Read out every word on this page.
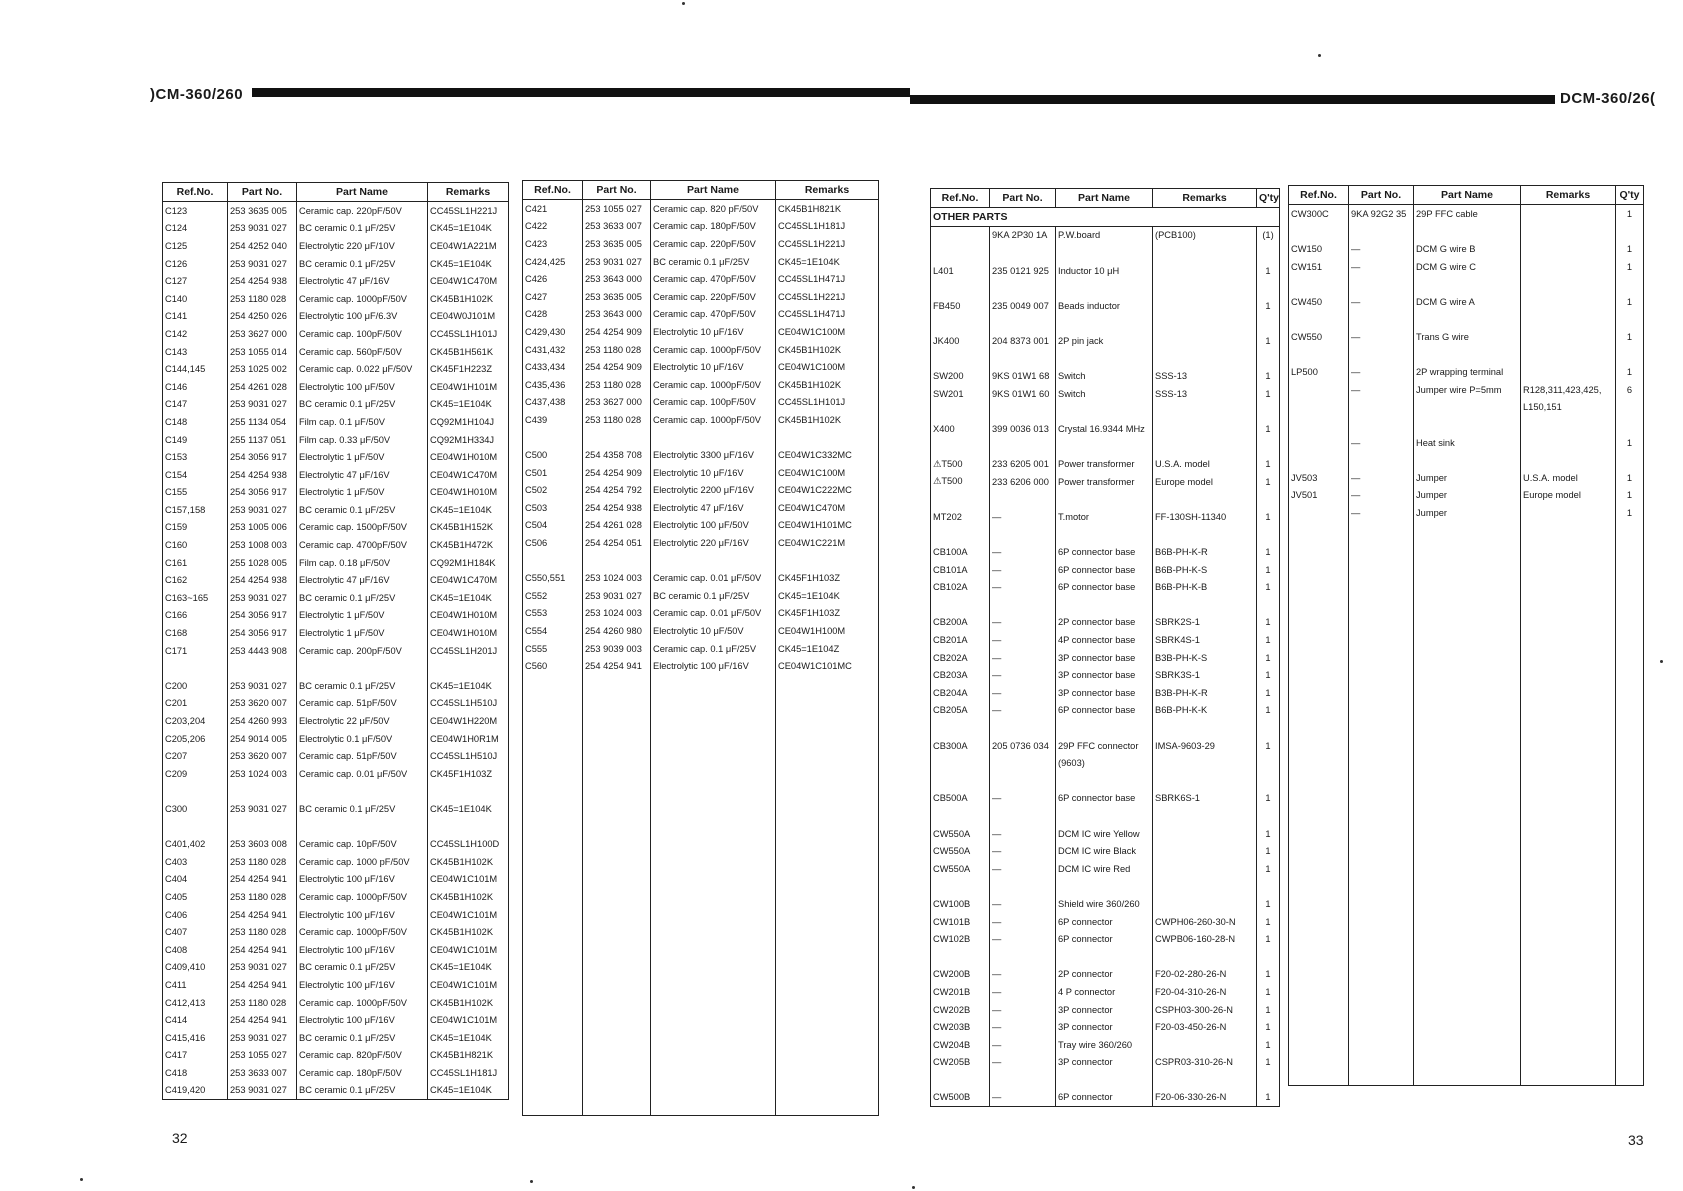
)CM-360/260	DCM-360/26(
Ref.No.	Part No.	Part Name	Remarks
C123	253 3635 005	Ceramic cap. 220pF/50V	CC45SL1H221J
C124	253 9031 027	BC ceramic 0.1 μF/25V	CK45=1E104K
C125	254 4252 040	Electrolytic 220 μF/10V	CE04W1A221M
C126	253 9031 027	BC ceramic 0.1 μF/25V	CK45=1E104K
C127	254 4254 938	Electrolytic 47 μF/16V	CE04W1C470M
C140	253 1180 028	Ceramic cap. 1000pF/50V	CK45B1H102K
C141	254 4250 026	Electrolytic 100 μF/6.3V	CE04W0J101M
C142	253 3627 000	Ceramic cap. 100pF/50V	CC45SL1H101J
C143	253 1055 014	Ceramic cap. 560pF/50V	CK45B1H561K
C144,145	253 1025 002	Ceramic cap. 0.022 μF/50V	CK45F1H223Z
C146	254 4261 028	Electrolytic 100 μF/50V	CE04W1H101M
C147	253 9031 027	BC ceramic 0.1 μF/25V	CK45=1E104K
C148	255 1134 054	Film cap. 0.1 μF/50V	CQ92M1H104J
C149	255 1137 051	Film cap. 0.33 μF/50V	CQ92M1H334J
C153	254 3056 917	Electrolytic 1 μF/50V	CE04W1H010M
C154	254 4254 938	Electrolytic 47 μF/16V	CE04W1C470M
C155	254 3056 917	Electrolytic 1 μF/50V	CE04W1H010M
C157,158	253 9031 027	BC ceramic 0.1 μF/25V	CK45=1E104K
C159	253 1005 006	Ceramic cap. 1500pF/50V	CK45B1H152K
C160	253 1008 003	Ceramic cap. 4700pF/50V	CK45B1H472K
C161	255 1028 005	Film cap. 0.18 μF/50V	CQ92M1H184K
C162	254 4254 938	Electrolytic 47 μF/16V	CE04W1C470M
C163~165	253 9031 027	BC ceramic 0.1 μF/25V	CK45=1E104K
C166	254 3056 917	Electrolytic 1 μF/50V	CE04W1H010M
C168	254 3056 917	Electrolytic 1 μF/50V	CE04W1H010M
C171	253 4443 908	Ceramic cap. 200pF/50V	CC45SL1H201J

C200	253 9031 027	BC ceramic 0.1 μF/25V	CK45=1E104K
C201	253 3620 007	Ceramic cap. 51pF/50V	CC45SL1H510J
C203,204	254 4260 993	Electrolytic 22 μF/50V	CE04W1H220M
C205,206	254 9014 005	Electrolytic 0.1 μF/50V	CE04W1H0R1M
C207	253 3620 007	Ceramic cap. 51pF/50V	CC45SL1H510J
C209	253 1024 003	Ceramic cap. 0.01 μF/50V	CK45F1H103Z

C300	253 9031 027	BC ceramic 0.1 μF/25V	CK45=1E104K

C401,402	253 3603 008	Ceramic cap. 10pF/50V	CC45SL1H100D
C403	253 1180 028	Ceramic cap. 1000 pF/50V	CK45B1H102K
C404	254 4254 941	Electrolytic 100 μF/16V	CE04W1C101M
C405	253 1180 028	Ceramic cap. 1000pF/50V	CK45B1H102K
C406	254 4254 941	Electrolytic 100 μF/16V	CE04W1C101M
C407	253 1180 028	Ceramic cap. 1000pF/50V	CK45B1H102K
C408	254 4254 941	Electrolytic 100 μF/16V	CE04W1C101M
C409,410	253 9031 027	BC ceramic 0.1 μF/25V	CK45=1E104K
C411	254 4254 941	Electrolytic 100 μF/16V	CE04W1C101M
C412,413	253 1180 028	Ceramic cap. 1000pF/50V	CK45B1H102K
C414	254 4254 941	Electrolytic 100 μF/16V	CE04W1C101M
C415,416	253 9031 027	BC ceramic 0.1 μF/25V	CK45=1E104K
C417	253 1055 027	Ceramic cap. 820pF/50V	CK45B1H821K
C418	253 3633 007	Ceramic cap. 180pF/50V	CC45SL1H181J
C419,420	253 9031 027	BC ceramic 0.1 μF/25V	CK45=1E104K
Ref.No.	Part No.	Part Name	Remarks
C421	253 1055 027	Ceramic cap. 820 pF/50V	CK45B1H821K
C422	253 3633 007	Ceramic cap. 180pF/50V	CC45SL1H181J
C423	253 3635 005	Ceramic cap. 220pF/50V	CC45SL1H221J
C424,425	253 9031 027	BC ceramic 0.1 μF/25V	CK45=1E104K
C426	253 3643 000	Ceramic cap. 470pF/50V	CC45SL1H471J
C427	253 3635 005	Ceramic cap. 220pF/50V	CC45SL1H221J
C428	253 3643 000	Ceramic cap. 470pF/50V	CC45SL1H471J
C429,430	254 4254 909	Electrolytic 10 μF/16V	CE04W1C100M
C431,432	253 1180 028	Ceramic cap. 1000pF/50V	CK45B1H102K
C433,434	254 4254 909	Electrolytic 10 μF/16V	CE04W1C100M
C435,436	253 1180 028	Ceramic cap. 1000pF/50V	CK45B1H102K
C437,438	253 3627 000	Ceramic cap. 100pF/50V	CC45SL1H101J
C439	253 1180 028	Ceramic cap. 1000pF/50V	CK45B1H102K

C500	254 4358 708	Electrolytic 3300 μF/16V	CE04W1C332MC
C501	254 4254 909	Electrolytic 10 μF/16V	CE04W1C100M
C502	254 4254 792	Electrolytic 2200 μF/16V	CE04W1C222MC
C503	254 4254 938	Electrolytic 47 μF/16V	CE04W1C470M
C504	254 4261 028	Electrolytic 100 μF/50V	CE04W1H101MC
C506	254 4254 051	Electrolytic 220 μF/16V	CE04W1C221M

C550,551	253 1024 003	Ceramic cap. 0.01 μF/50V	CK45F1H103Z
C552	253 9031 027	BC ceramic 0.1 μF/25V	CK45=1E104K
C553	253 1024 003	Ceramic cap. 0.01 μF/50V	CK45F1H103Z
C554	254 4260 980	Electrolytic 10 μF/50V	CE04W1H100M
C555	253 9039 003	Ceramic cap. 0.1 μF/25V	CK45=1E104Z
C560	254 4254 941	Electrolytic 100 μF/16V	CE04W1C101MC

Ref.No.	Part No.	Part Name	Remarks	Q'ty
OTHER PARTS				
	9KA 2P30 1A	P.W.board	(PCB100)	(1)

L401	235 0121 925	Inductor 10 μH		1

FB450	235 0049 007	Beads inductor		1

JK400	204 8373 001	2P pin jack		1

SW200	9KS 01W1 68	Switch	SSS-13	1
SW201	9KS 01W1 60	Switch	SSS-13	1

X400	399 0036 013	Crystal 16.9344 MHz		1

⚠T500	233 6205 001	Power transformer	U.S.A. model	1
⚠T500	233 6206 000	Power transformer	Europe model	1

MT202	—	T.motor	FF-130SH-11340	1

CB100A	—	6P connector base	B6B-PH-K-R	1
CB101A	—	6P connector base	B6B-PH-K-S	1
CB102A	—	6P connector base	B6B-PH-K-B	1

CB200A	—	2P connector base	SBRK2S-1	1
CB201A	—	4P connector base	SBRK4S-1	1
CB202A	—	3P connector base	B3B-PH-K-S	1
CB203A	—	3P connector base	SBRK3S-1	1
CB204A	—	3P connector base	B3B-PH-K-R	1
CB205A	—	6P connector base	B6B-PH-K-K	1

CB300A	205 0736 034	29P FFC connector	IMSA-9603-29	1
		(9603)		

CB500A	—	6P connector base	SBRK6S-1	1

CW550A	—	DCM IC wire Yellow		1
CW550A	—	DCM IC wire Black		1
CW550A	—	DCM IC wire Red		1

CW100B	—	Shield wire 360/260		1
CW101B	—	6P connector	CWPH06-260-30-N	1
CW102B	—	6P connector	CWPB06-160-28-N	1

CW200B	—	2P connector	F20-02-280-26-N	1
CW201B	—	4 P connector	F20-04-310-26-N	1
CW202B	—	3P connector	CSPH03-300-26-N	1
CW203B	—	3P connector	F20-03-450-26-N	1
CW204B	—	Tray wire 360/260		1
CW205B	—	3P connector	CSPR03-310-26-N	1

CW500B	—	6P connector	F20-06-330-26-N	1
Ref.No.	Part No.	Part Name	Remarks	Q'ty
CW300C	9KA 92G2 35	29P FFC cable		1

CW150	—	DCM G wire B		1
CW151	—	DCM G wire C		1

CW450	—	DCM G wire A		1

CW550	—	Trans G wire		1

LP500	—	2P wrapping terminal		1
	—	Jumper wire P=5mm	R128,311,423,425,	6
			L150,151	

	—	Heat sink		1

JV503	—	Jumper	U.S.A. model	1
JV501	—	Jumper	Europe model	1
	—	Jumper		1

32	33
